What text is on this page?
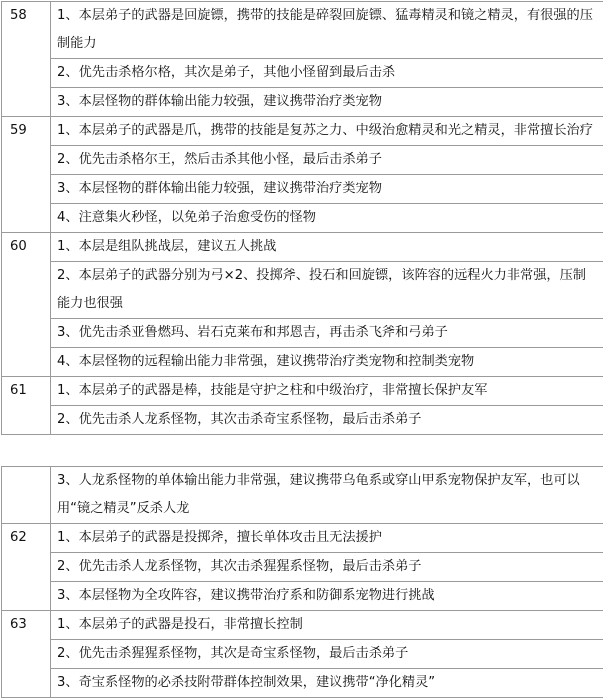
58	1、本层弟子的武器是回旋镖，携带的技能是碎裂回旋镖、猛毒精灵和镜之精灵，有很强的压制能力
	2、优先击杀格尔格，其次是弟子，其他小怪留到最后击杀
	3、本层怪物的群体输出能力较强，建议携带治疗类宠物
59	1、本层弟子的武器是爪，携带的技能是复苏之力、中级治愈精灵和光之精灵，非常擅长治疗
	2、优先击杀格尔王，然后击杀其他小怪，最后击杀弟子
	3、本层怪物的群体输出能力较强，建议携带治疗类宠物
	4、注意集火秒怪，以免弟子治愈受伤的怪物
60	1、本层是组队挑战层，建议五人挑战
	2、本层弟子的武器分别为弓×2、投掷斧、投石和回旋镖，该阵容的远程火力非常强，压制能力也很强
	3、优先击杀亚鲁燃玛、岩石克莱布和邦恩吉，再击杀飞斧和弓弟子
	4、本层怪物的远程输出能力非常强，建议携带治疗类宠物和控制类宠物
61	1、本层弟子的武器是棒，技能是守护之柱和中级治疗，非常擅长保护友军
	2、优先击杀人龙系怪物，其次击杀奇宝系怪物，最后击杀弟子
	3、人龙系怪物的单体输出能力非常强，建议携带乌龟系或穿山甲系宠物保护友军，也可以用“镜之精灵”反杀人龙
62	1、本层弟子的武器是投掷斧，擅长单体攻击且无法援护
	2、优先击杀人龙系怪物，其次击杀猩猩系怪物，最后击杀弟子
	3、本层怪物为全攻阵容，建议携带治疗系和防御系宠物进行挑战
63	1、本层弟子的武器是投石，非常擅长控制
	2、优先击杀猩猩系怪物，其次是奇宝系怪物，最后击杀弟子
	3、奇宝系怪物的必杀技附带群体控制效果，建议携带“净化精灵”
